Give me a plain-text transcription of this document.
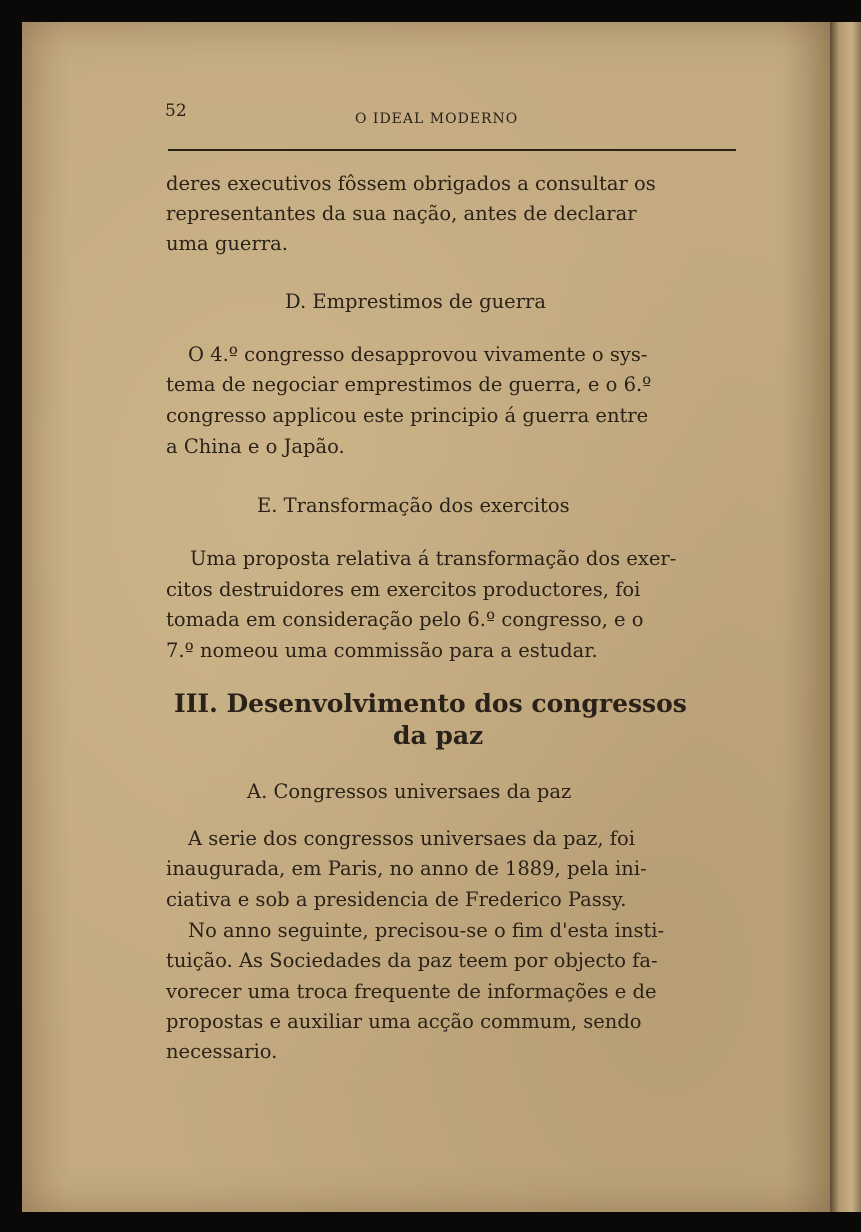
52	O IDEAL MODERNO
deres executivos fôssem obrigados a consultar os
representantes da sua nação, antes de declarar
uma guerra.
D. Emprestimos de guerra
O 4.º congresso desapprovou vivamente o sys-
tema de negociar emprestimos de guerra, e o 6.º
congresso applicou este principio á guerra entre
a China e o Japão.
E. Transformação dos exercitos
Uma proposta relativa á transformação dos exer-
citos destruidores em exercitos productores, foi
tomada em consideração pelo 6.º congresso, e o
7.º nomeou uma commissão para a estudar.
III. Desenvolvimento dos congressos
da paz
A. Congressos universaes da paz
A serie dos congressos universaes da paz, foi
inaugurada, em Paris, no anno de 1889, pela ini-
ciativa e sob a presidencia de Frederico Passy.
No anno seguinte, precisou-se o fim d'esta insti-
tuição. As Sociedades da paz teem por objecto fa-
vorecer uma troca frequente de informações e de
propostas e auxiliar uma acção commum, sendo
necessario.
